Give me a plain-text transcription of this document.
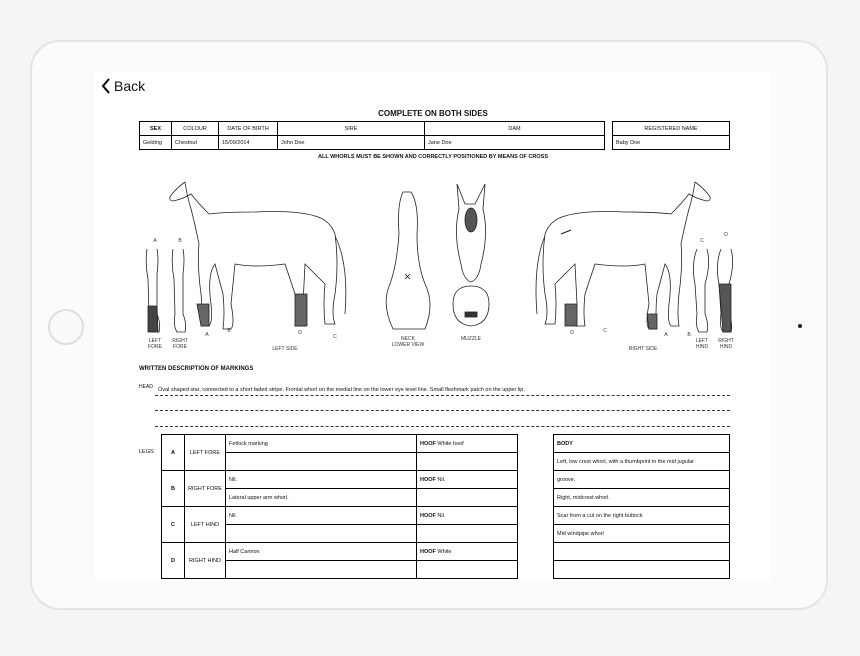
Back
COMPLETE ON BOTH SIDES
SEX	COLOUR	DATE OF BIRTH	SIRE	DAM
Gelding	Chestnut	15/09/2014	John Doe	Jane Doe
REGISTERED NAME
Baby Doe
ALL WHORLS MUST BE SHOWN AND CORRECTLY POSITIONED BY MEANS OF CROSS
A
LEFT
FORE
B
RIGHT
FORE
A
B	D
C
LEFT SIDE
NECK
LOWER VIEW
MUZZLE
D	C
A	B
RIGHT SIDE
C
LEFT
HIND
D
RIGHT
HIND
WRITTEN DESCRIPTION OF MARKINGS
HEAD Oval shaped star, connected to a short faded stripe. Frontal whorl on the medial line on the lower eye level line. Small fleshmark patch on the upper lip.
LEGS	A	LEFT FORE	Fetlock marking	HOOF White hoof

B	RIGHT FORE	Nil.	HOOF Nil.
		Lateral upper arm whorl.	
C	LEFT HIND	Nil.	HOOF Nil.

D	RIGHT HIND	Half Cannon	HOOF White

BODY
Left, low crest whorl, with a thumbprint in the mid jugular
groove.
Right, midcrest whorl.
Scar from a cut on the right buttock
Mid windpipe whorl
